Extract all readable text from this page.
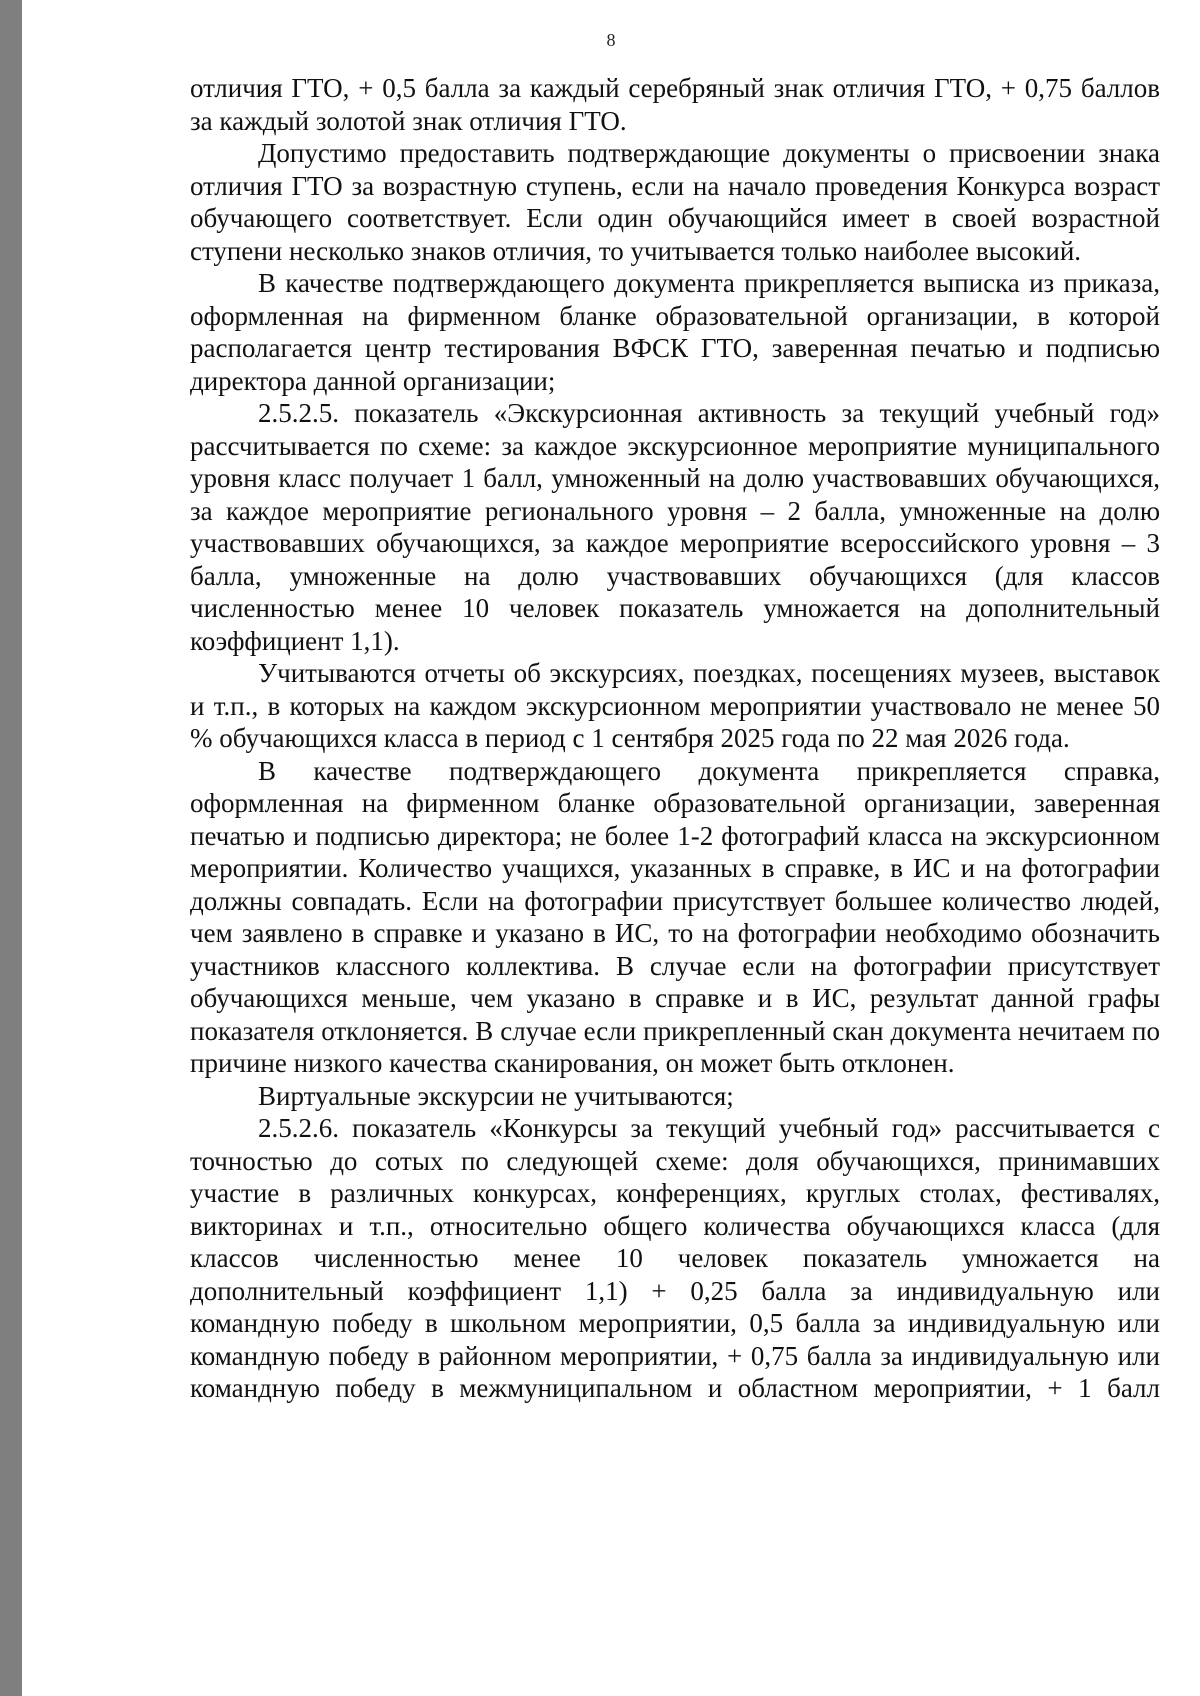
8

отличия ГТО, + 0,5 балла за каждый серебряный знак отличия ГТО, + 0,75 баллов за каждый золотой знак отличия ГТО.

Допустимо предоставить подтверждающие документы о присвоении знака отличия ГТО за возрастную ступень, если на начало проведения Конкурса возраст обучающего соответствует. Если один обучающийся имеет в своей возрастной ступени несколько знаков отличия, то учитывается только наиболее высокий.

В качестве подтверждающего документа прикрепляется выписка из приказа, оформленная на фирменном бланке образовательной организации, в которой располагается центр тестирования ВФСК ГТО, заверенная печатью и подписью директора данной организации;

2.5.2.5. показатель «Экскурсионная активность за текущий учебный год» рассчитывается по схеме: за каждое экскурсионное мероприятие муниципального уровня класс получает 1 балл, умноженный на долю участвовавших обучающихся, за каждое мероприятие регионального уровня – 2 балла, умноженные на долю участвовавших обучающихся, за каждое мероприятие всероссийского уровня – 3 балла, умноженные на долю участвовавших обучающихся (для классов численностью менее 10 человек показатель умножается на дополнительный коэффициент 1,1).

Учитываются отчеты об экскурсиях, поездках, посещениях музеев, выставок и т.п., в которых на каждом экскурсионном мероприятии участвовало не менее 50 % обучающихся класса в период с 1 сентября 2025 года по 22 мая 2026 года.

В качестве подтверждающего документа прикрепляется справка, оформленная на фирменном бланке образовательной организации, заверенная печатью и подписью директора; не более 1-2 фотографий класса на экскурсионном мероприятии. Количество учащихся, указанных в справке, в ИС и на фотографии должны совпадать. Если на фотографии присутствует большее количество людей, чем заявлено в справке и указано в ИС, то на фотографии необходимо обозначить участников классного коллектива. В случае если на фотографии присутствует обучающихся меньше, чем указано в справке и в ИС, результат данной графы показателя отклоняется. В случае если прикрепленный скан документа нечитаем по причине низкого качества сканирования, он может быть отклонен.

Виртуальные экскурсии не учитываются;

2.5.2.6. показатель «Конкурсы за текущий учебный год» рассчитывается с точностью до сотых по следующей схеме: доля обучающихся, принимавших участие в различных конкурсах, конференциях, круглых столах, фестивалях, викторинах и т.п., относительно общего количества обучающихся класса (для классов численностью менее 10 человек показатель умножается на дополнительный коэффициент 1,1) + 0,25 балла за индивидуальную или командную победу в школьном мероприятии, 0,5 балла за индивидуальную или командную победу в районном мероприятии, + 0,75 балла за индивидуальную или командную победу в межмуниципальном и областном мероприятии, + 1 балл
